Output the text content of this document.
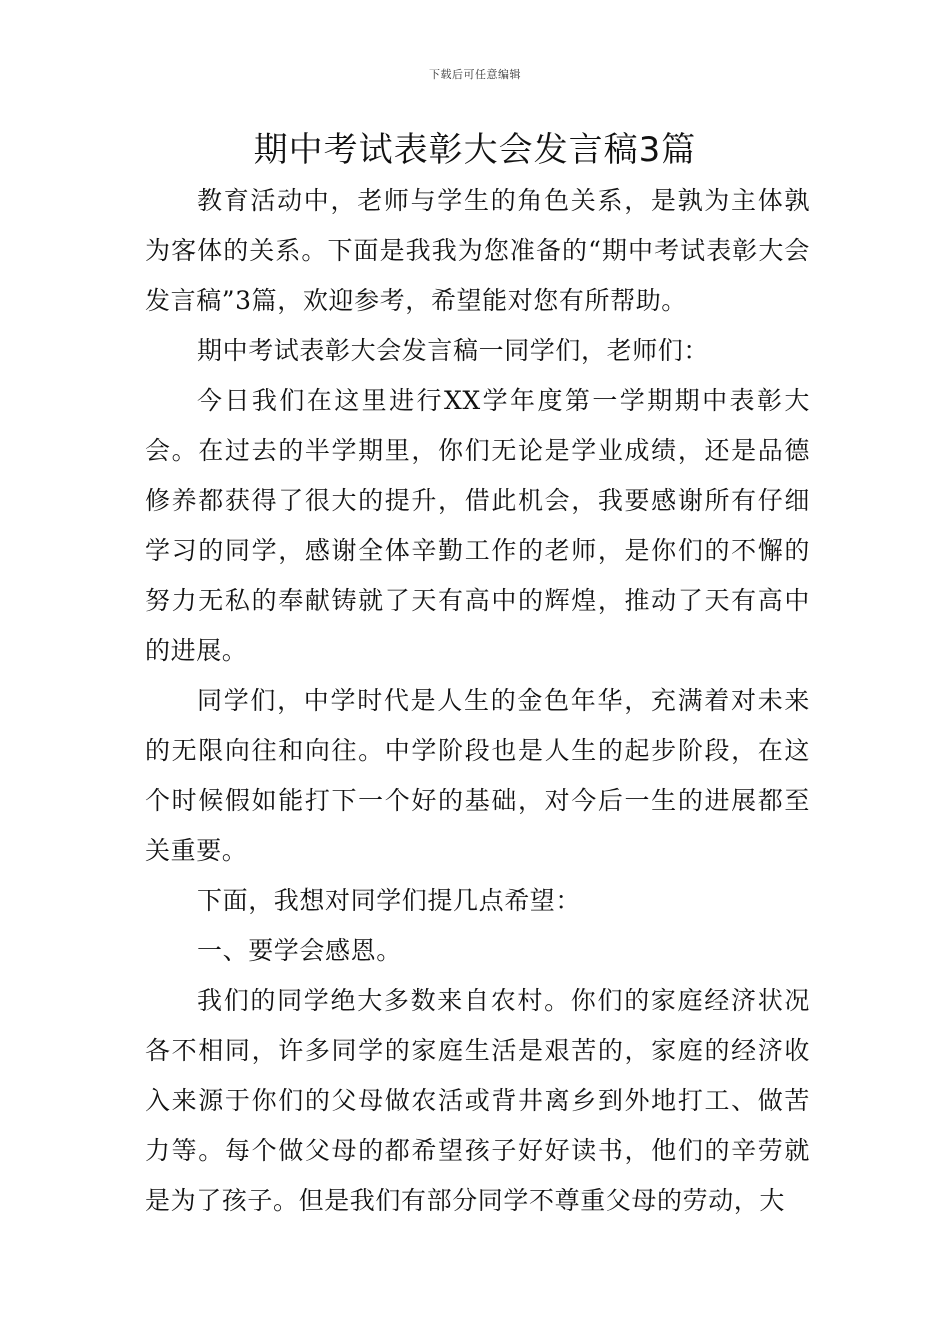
下载后可任意编辑
期中考试表彰大会发言稿3篇

教育活动中，老师与学生的角色关系，是孰为主体孰为客体的关系。下面是我我为您准备的“期中考试表彰大会发言稿”3篇，欢迎参考，希望能对您有所帮助。

期中考试表彰大会发言稿一同学们，老师们：

今日我们在这里进行XX学年度第一学期期中表彰大会。在过去的半学期里，你们无论是学业成绩，还是品德修养都获得了很大的提升，借此机会，我要感谢所有仔细学习的同学，感谢全体辛勤工作的老师，是你们的不懈的努力无私的奉献铸就了天有高中的辉煌，推动了天有高中的进展。

同学们，中学时代是人生的金色年华，充满着对未来的无限向往和向往。中学阶段也是人生的起步阶段，在这个时候假如能打下一个好的基础，对今后一生的进展都至关重要。

下面，我想对同学们提几点希望：

一、要学会感恩。

我们的同学绝大多数来自农村。你们的家庭经济状况各不相同，许多同学的家庭生活是艰苦的，家庭的经济收入来源于你们的父母做农活或背井离乡到外地打工、做苦力等。每个做父母的都希望孩子好好读书，他们的辛劳就是为了孩子。但是我们有部分同学不尊重父母的劳动，大
